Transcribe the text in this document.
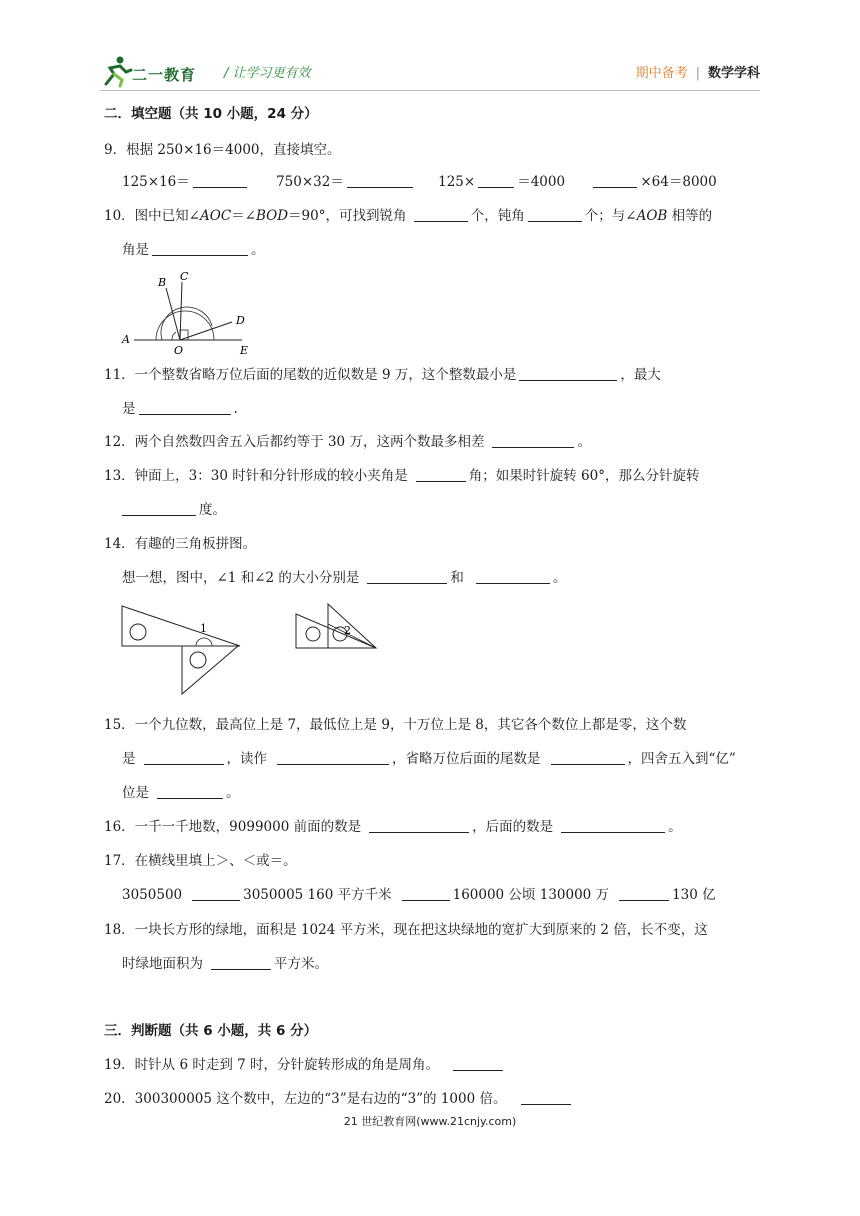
二一教育 / 让学习更有效	期中备考 | 数学学科
二．填空题（共 10 小题，24 分）
9．根据 250×16＝4000，直接填空。
125×16＝	750×32＝	125×	＝4000	×64＝8000
10．图中已知∠AOC＝∠BOD＝90°，可找到锐角	个，钝角	个；与∠AOB 相等的
角是	。
A
B C
D
E
O
11．一个整数省略万位后面的尾数的近似数是 9 万，这个整数最小是	，最大
是	.
12．两个自然数四舍五入后都约等于 30 万，这两个数最多相差	。
13．钟面上，3：30 时针和分针形成的较小夹角是	角；如果时针旋转 60°，那么分针旋转
度。
14．有趣的三角板拼图。
想一想，图中，∠1 和∠2 的大小分别是	和	。
1	2
15．一个九位数，最高位上是 7，最低位上是 9，十万位上是 8，其它各个数位上都是零，这个数
是	，读作	，省略万位后面的尾数是	，四舍五入到“亿”
位是	。
16．一千一千地数，9099000 前面的数是	，后面的数是	。
17．在横线里填上＞、＜或＝。
3050500	3050005 160 平方千米	160000 公顷 130000 万	130 亿
18．一块长方形的绿地，面积是 1024 平方米，现在把这块绿地的宽扩大到原来的 2 倍，长不变，这
时绿地面积为	平方米。
三．判断题（共 6 小题，共 6 分）
19．时针从 6 时走到 7 时，分针旋转形成的角是周角。
20．300300005 这个数中，左边的“3”是右边的“3”的 1000 倍。
21 世纪教育网(www.21cnjy.com)
